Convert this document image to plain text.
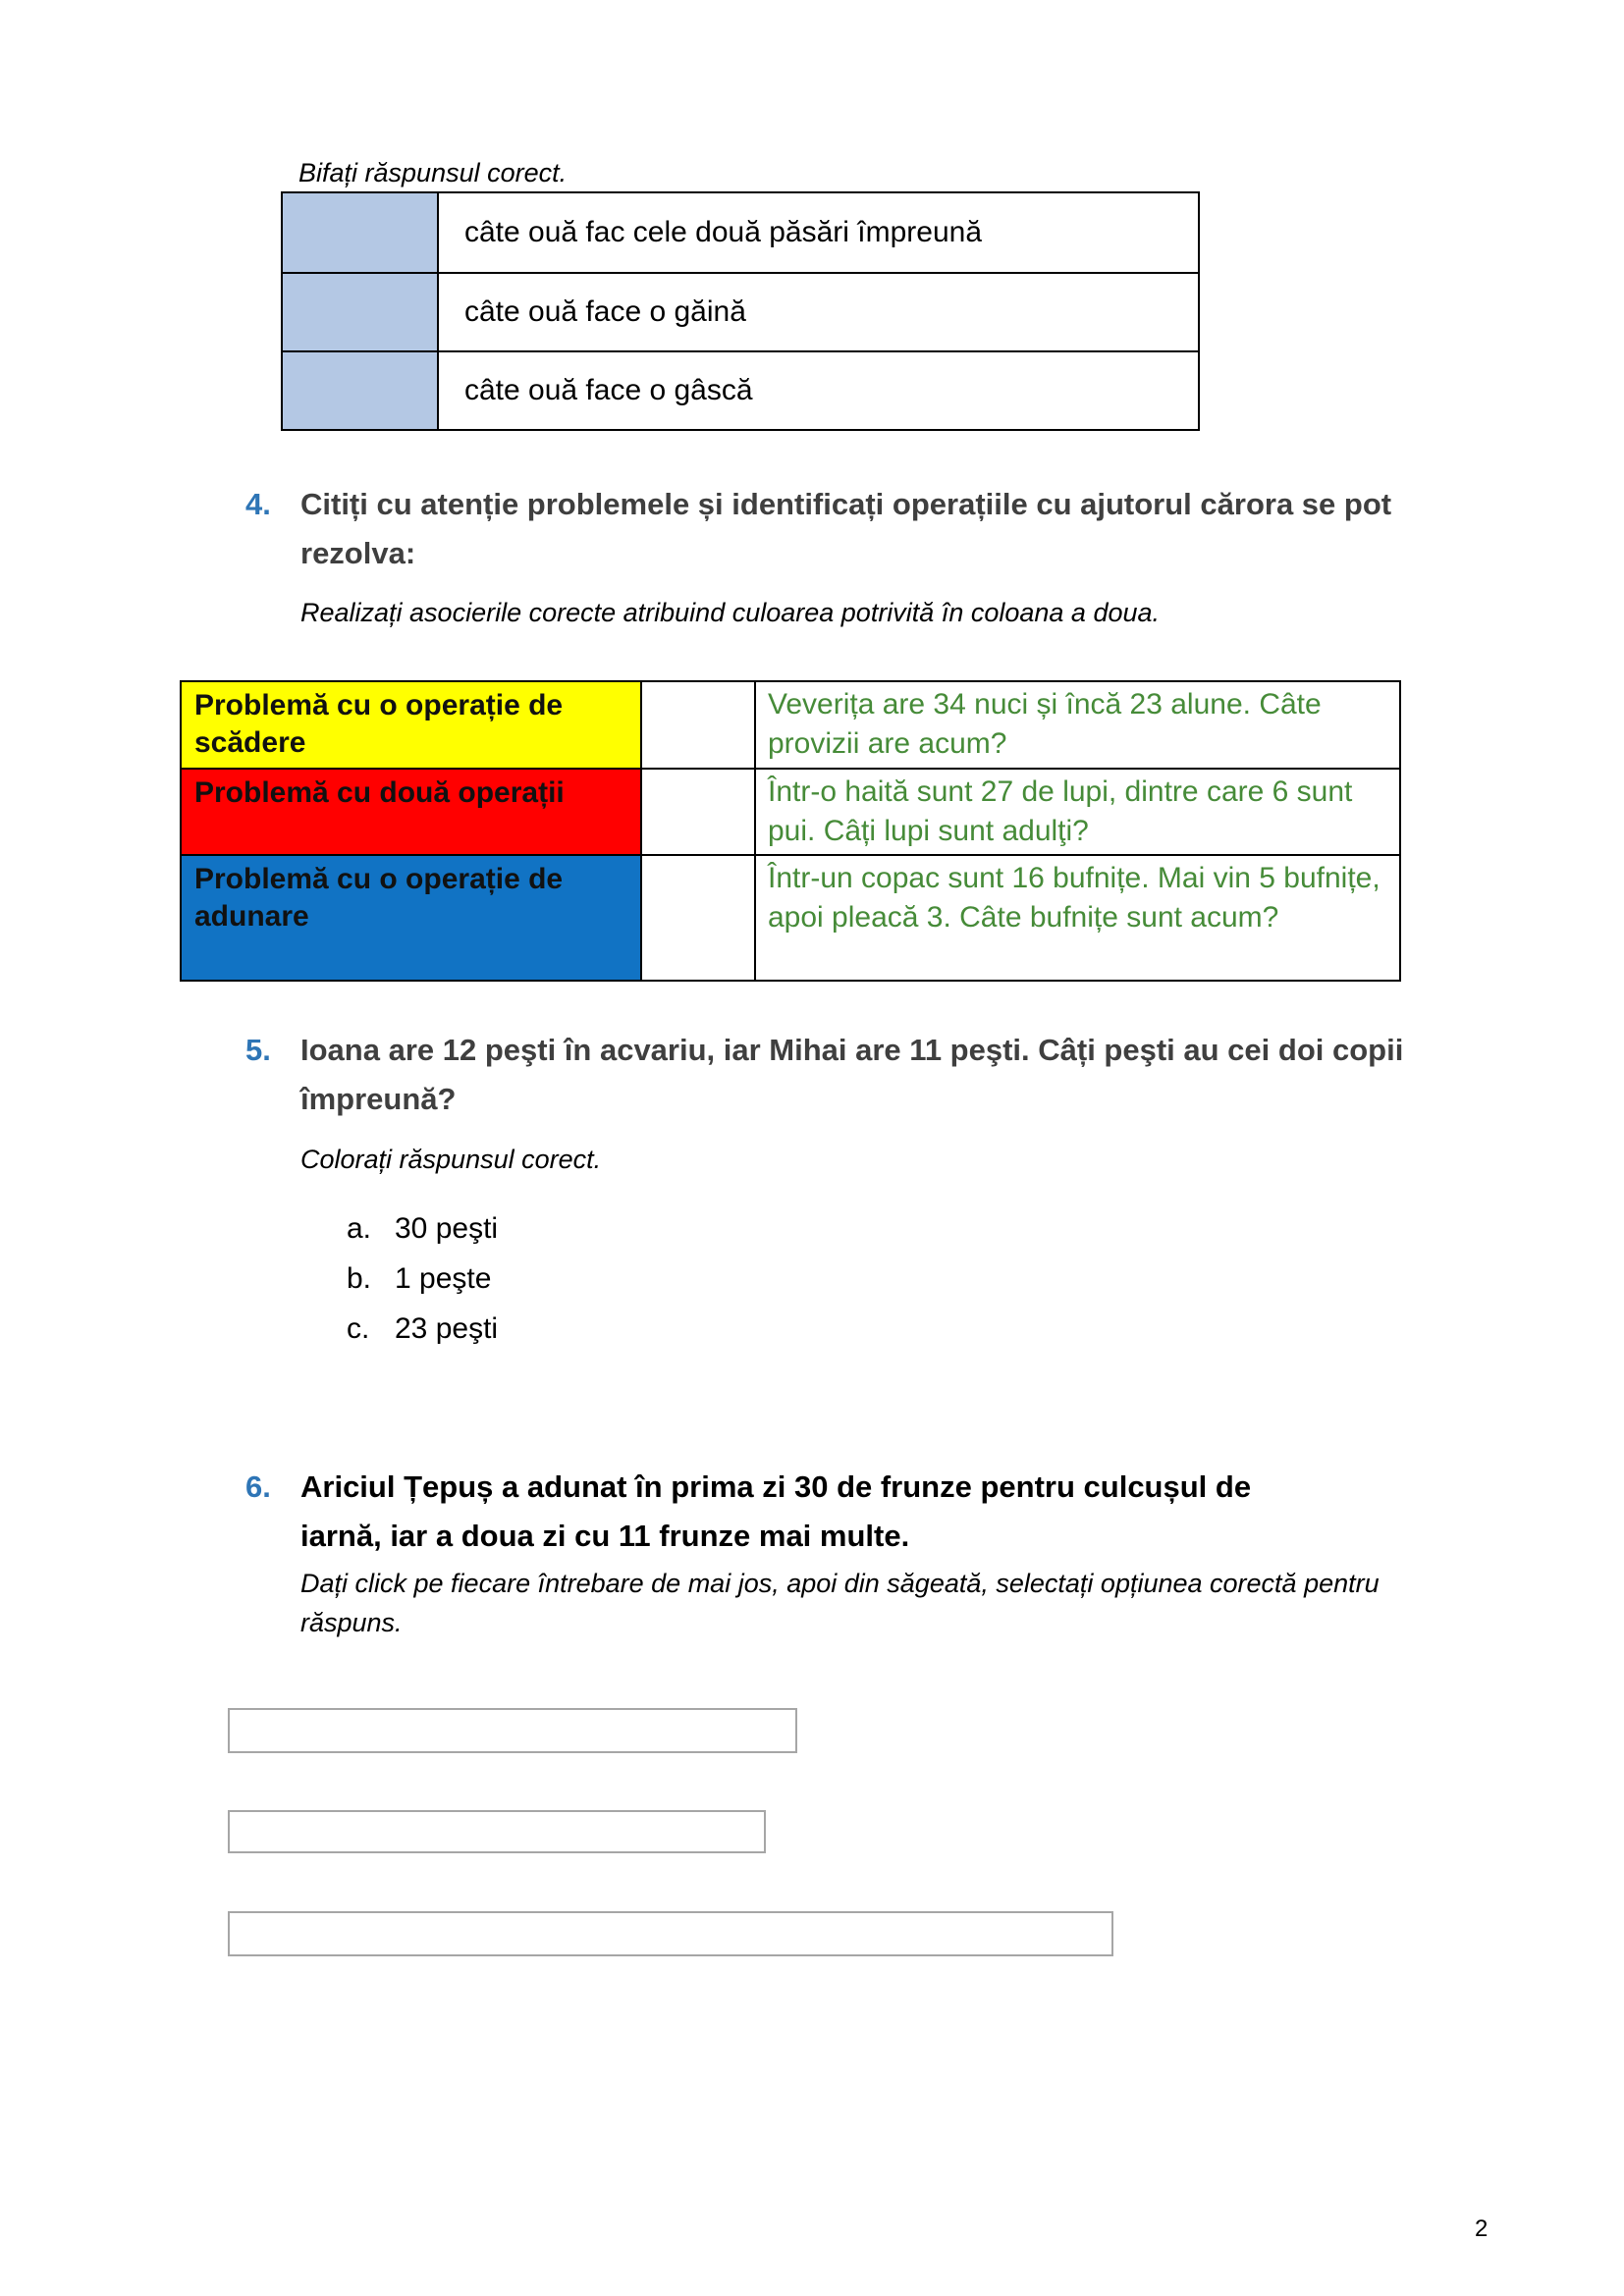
Bifați răspunsul corect.
câte ouă fac cele două păsări împreună
câte ouă face o găină
câte ouă face o gâscă
4. Citiți cu atenție problemele și identificați operațiile cu ajutorul cărora se pot rezolva:
Realizați asocierile corecte atribuind culoarea potrivită în coloana a doua.
Problemă cu o operație de scădere
Veverița are 34 nuci și încă 23 alune. Câte provizii are acum?
Problemă cu două operații	Într-o haită sunt 27 de lupi, dintre care 6 sunt pui. Câți lupi sunt adulţi?
Problemă cu o operație de adunare
Într-un copac sunt 16 bufnițe. Mai vin 5 bufnițe, apoi pleacă 3. Câte bufnițe sunt acum?
5. Ioana are 12 peşti în acvariu, iar Mihai are 11 peşti. Câți peşti au cei doi copii împreună?
Colorați răspunsul corect.
a. 30 peşti
b. 1 peşte
c. 23 peşti
6. Ariciul Țepuș a adunat în prima zi 30 de frunze pentru culcușul de iarnă, iar a doua zi cu 11 frunze mai multe.
Dați click pe fiecare întrebare de mai jos, apoi din săgeată, selectați opțiunea corectă pentru răspuns.
2
